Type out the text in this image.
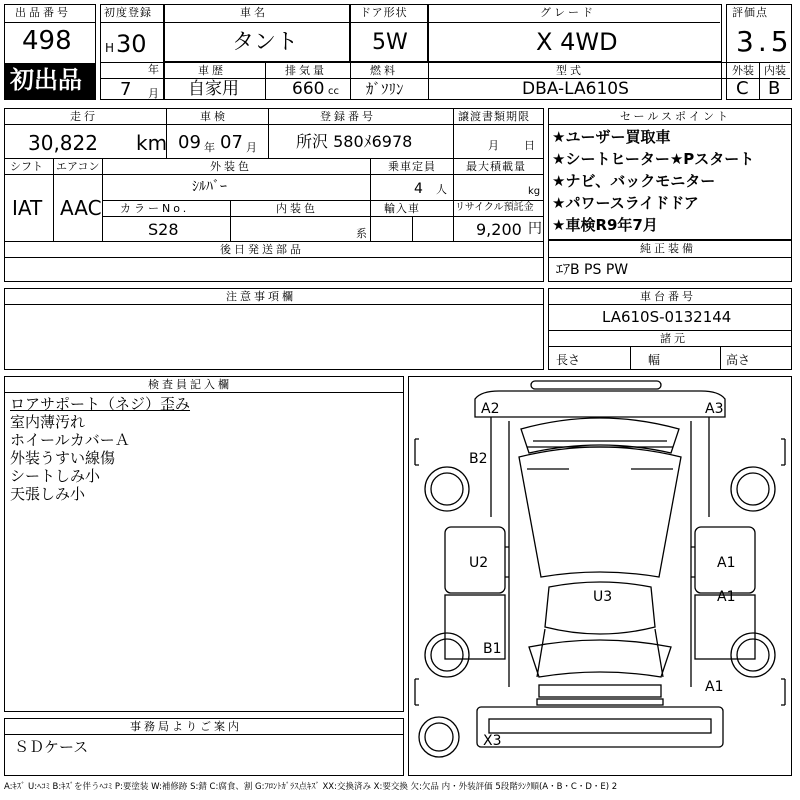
出品番号
498
初出品
初度登録
H 30
年
7 月
車名
タント
ドア形状
5W
グレード
X 4WD
評価点
3.5
外装 内装
C B
車歴
自家用
排気量
660 cc
燃料
ｶﾞｿﾘﾝ
型式
DBA-LA610S
走行
30,822 km
車検
09 年 07 月
登録番号
所沢 580ﾒ6978
譲渡書類期限
月 日
シフト
IAT
エアコン
AAC
外装色
ｼﾙﾊﾞｰ
乗車定員
4 人
最大積載量
kg
カラーNo.
S28
内装色
系
輸入車	リサイクル預託金
9,200 円
後日発送部品
セールスポイント
★ユーザー買取車
★シートヒーター★Pスタート
★ナビ、バックモニター
★パワースライドドア
★車検R9年7月
純正装備
ｴｱB PS PW
注意事項欄	車台番号
LA610S-0132144
諸元
長さ	幅	高さ
検査員記入欄
ロアサポート（ネジ）歪み
室内薄汚れ
ホイールカバーＡ
外装うすい線傷
シートしみ小
天張しみ小
事務局よりご案内
ＳＤケース
A2	A3
B2
U2	A1
A1
U3
B1
A1
X3
A:ｷｽﾞ U:ﾍｺﾐ B:ｷｽﾞを伴うﾍｺﾐ P:要塗装 W:補修跡 S:錆 C:腐食、割 G:ﾌﾛﾝﾄｶﾞﾗｽ点ｷｽﾞ XX:交換済み X:要交換 欠:欠品 内・外装評価 5段階ﾗﾝｸ順(A・B・C・D・E) 2
